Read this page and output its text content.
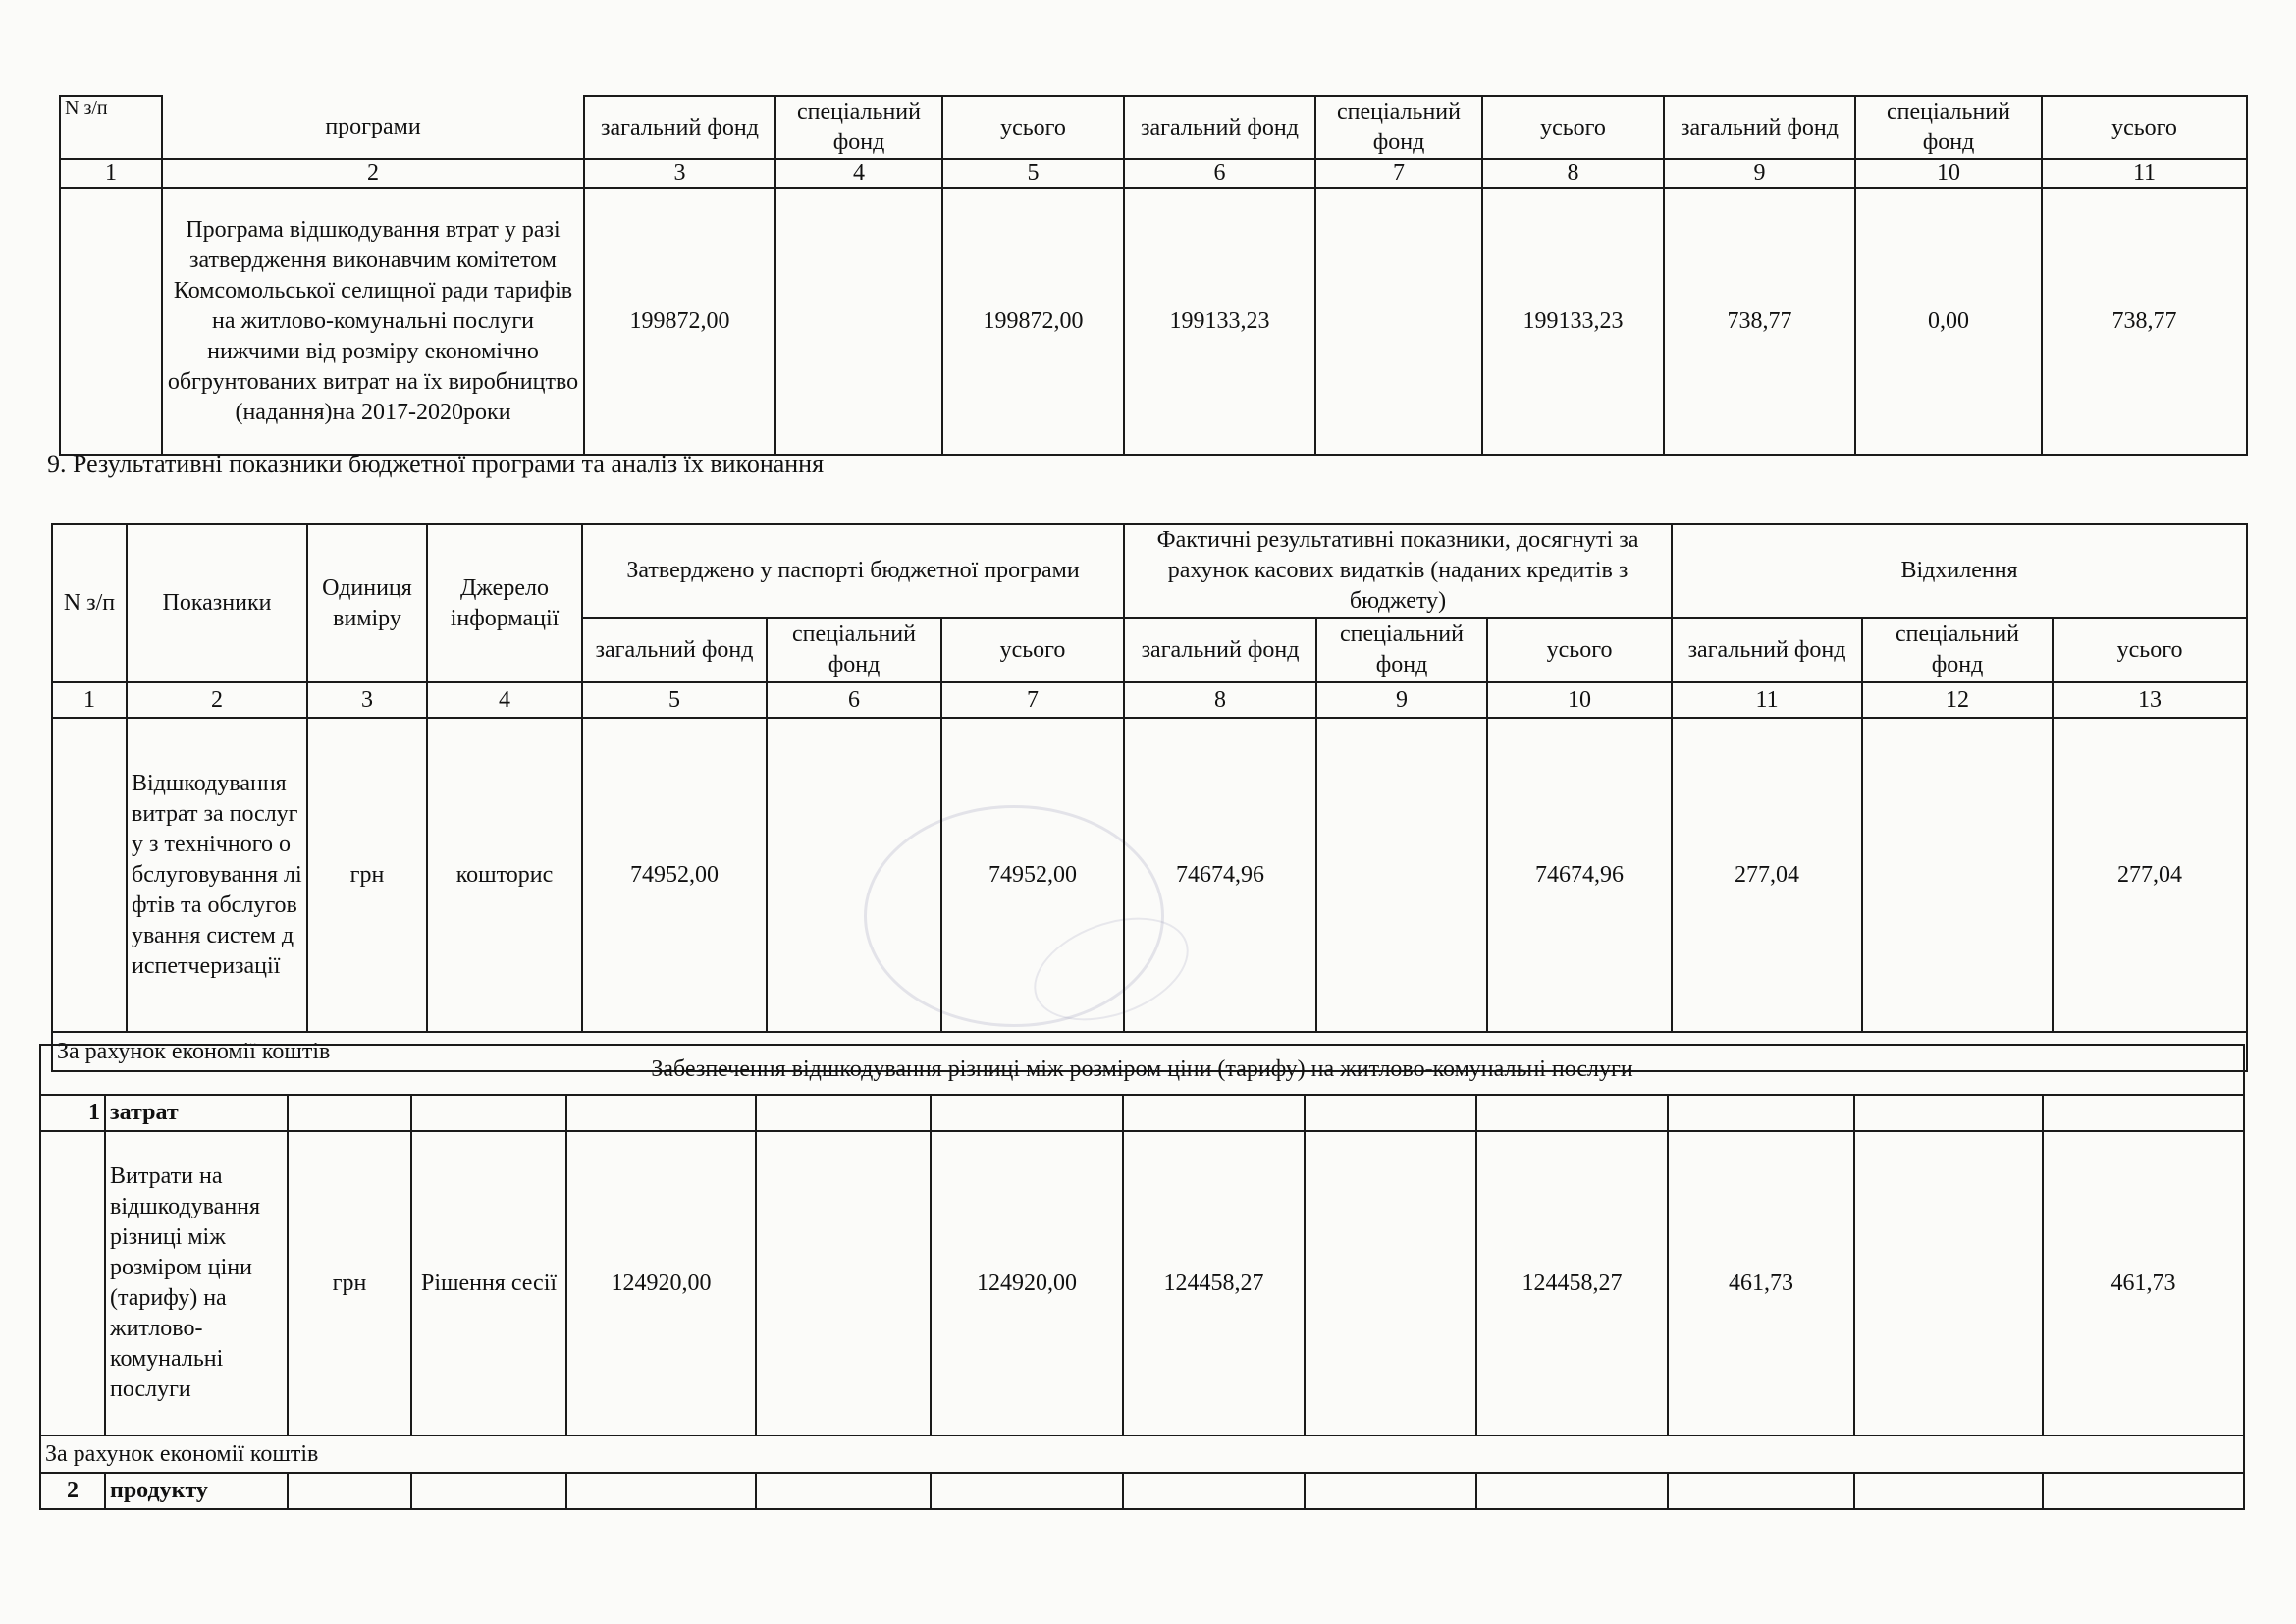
N з/п	програми	загальний фонд	спеціальний фонд	усього	загальний фонд	спеціальний фонд	усього	загальний фонд	спеціальний фонд	усього
1	2	3	4	5	6	7	8	9	10	11
	Програма відшкодування втрат у разі затвердження виконавчим комітетом Комсомольської селищної ради тарифів на житлово-комунальні послуги нижчими від розміру економічно обгрунтованих витрат на їх виробництво (надання)на 2017-2020роки	199872,00		199872,00	199133,23		199133,23	738,77	0,00	738,77
9. Результативні показники бюджетної програми та аналіз їх виконання
N з/п	Показники	Одиниця виміру	Джерело інформації	Затверджено у паспорті бюджетної програми			Фактичні результативні показники, досягнуті за рахунок касових видатків (наданих кредитів з бюджету)			Відхилення		
				загальний фонд	спеціальний фонд	усього	загальний фонд	спеціальний фонд	усього	загальний фонд	спеціальний фонд	усього
1	2	3	4	5	6	7	8	9	10	11	12	13
	Відшкодування витрат за послугу з технічного обслуговування ліфтів та обслуговування систем диспетчеризації	грн	кошторис	74952,00		74952,00	74674,96		74674,96	277,04		277,04
За рахунок економії коштів												
Забезпечення відшкодування різниці між розміром ціни (тарифу) на житлово-комунальні послуги												
1	затрат											
	Витрати на відшкодування різниці між розміром ціни (тарифу) на житлово-комунальні послуги	грн	Рішення сесії	124920,00		124920,00	124458,27		124458,27	461,73		461,73
За рахунок економії коштів												
2	продукту											
